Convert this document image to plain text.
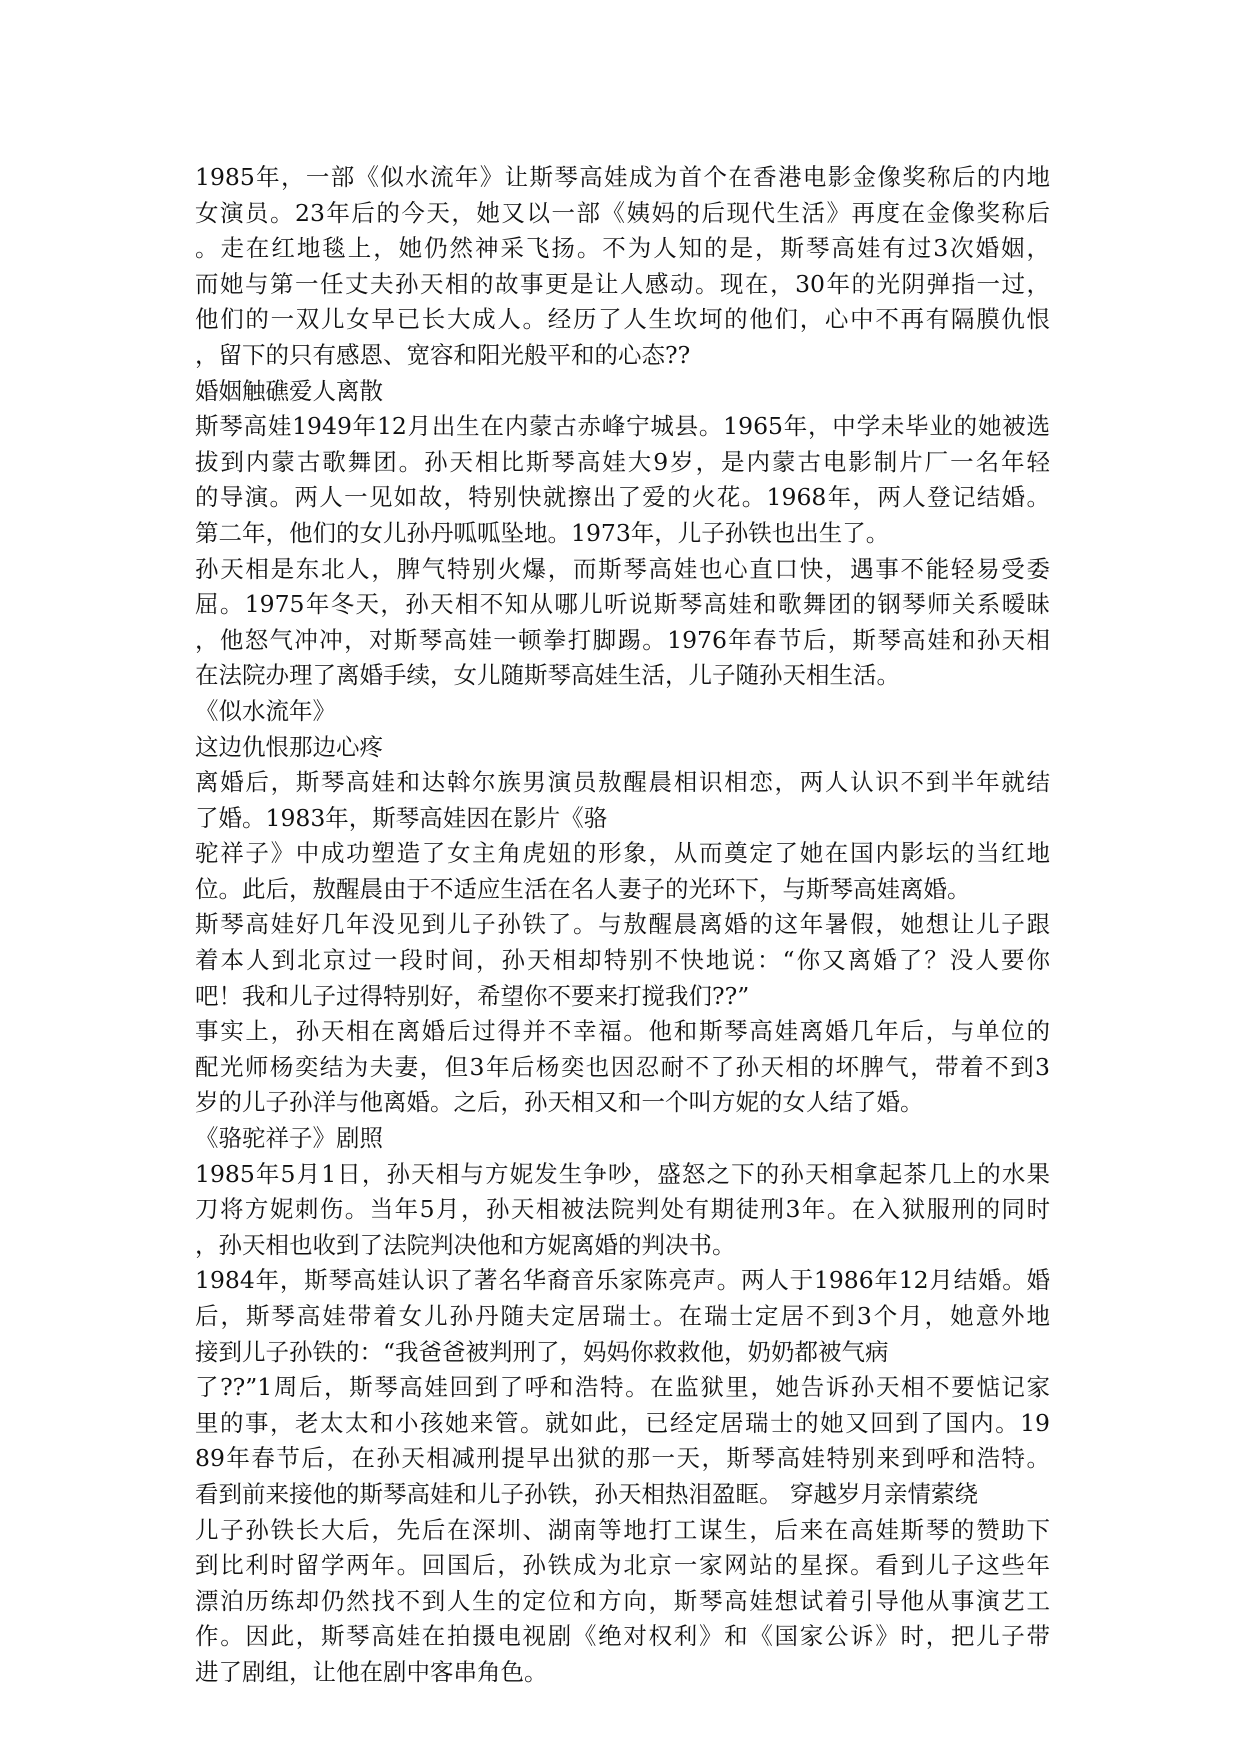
1985年，一部《似水流年》让斯琴高娃成为首个在香港电影金像奖称后的内地
女演员。23年后的今天，她又以一部《姨妈的后现代生活》再度在金像奖称后
。走在红地毯上，她仍然神采飞扬。不为人知的是，斯琴高娃有过3次婚姻，
而她与第一任丈夫孙天相的故事更是让人感动。现在，30年的光阴弹指一过，
他们的一双儿女早已长大成人。经历了人生坎坷的他们，心中不再有隔膜仇恨
，留下的只有感恩、宽容和阳光般平和的心态??
婚姻触礁爱人离散
斯琴高娃1949年12月出生在内蒙古赤峰宁城县。1965年，中学未毕业的她被选
拔到内蒙古歌舞团。孙天相比斯琴高娃大9岁，是内蒙古电影制片厂一名年轻
的导演。两人一见如故，特别快就擦出了爱的火花。1968年，两人登记结婚。
第二年，他们的女儿孙丹呱呱坠地。1973年，儿子孙铁也出生了。
孙天相是东北人，脾气特别火爆，而斯琴高娃也心直口快，遇事不能轻易受委
屈。1975年冬天，孙天相不知从哪儿听说斯琴高娃和歌舞团的钢琴师关系暧昧
，他怒气冲冲，对斯琴高娃一顿拳打脚踢。1976年春节后，斯琴高娃和孙天相
在法院办理了离婚手续，女儿随斯琴高娃生活，儿子随孙天相生活。
《似水流年》
这边仇恨那边心疼
离婚后，斯琴高娃和达斡尔族男演员敖醒晨相识相恋，两人认识不到半年就结
了婚。1983年，斯琴高娃因在影片《骆
驼祥子》中成功塑造了女主角虎妞的形象，从而奠定了她在国内影坛的当红地
位。此后，敖醒晨由于不适应生活在名人妻子的光环下，与斯琴高娃离婚。
斯琴高娃好几年没见到儿子孙铁了。与敖醒晨离婚的这年暑假，她想让儿子跟
着本人到北京过一段时间，孙天相却特别不快地说：“你又离婚了？没人要你
吧！我和儿子过得特别好，希望你不要来打搅我们??”
事实上，孙天相在离婚后过得并不幸福。他和斯琴高娃离婚几年后，与单位的
配光师杨奕结为夫妻，但3年后杨奕也因忍耐不了孙天相的坏脾气，带着不到3
岁的儿子孙洋与他离婚。之后，孙天相又和一个叫方妮的女人结了婚。
《骆驼祥子》剧照
1985年5月1日，孙天相与方妮发生争吵，盛怒之下的孙天相拿起茶几上的水果
刀将方妮刺伤。当年5月，孙天相被法院判处有期徒刑3年。在入狱服刑的同时
，孙天相也收到了法院判决他和方妮离婚的判决书。
1984年，斯琴高娃认识了著名华裔音乐家陈亮声。两人于1986年12月结婚。婚
后，斯琴高娃带着女儿孙丹随夫定居瑞士。在瑞士定居不到3个月，她意外地
接到儿子孙铁的：“我爸爸被判刑了，妈妈你救救他，奶奶都被气病
了??”1周后，斯琴高娃回到了呼和浩特。在监狱里，她告诉孙天相不要惦记家
里的事，老太太和小孩她来管。就如此，已经定居瑞士的她又回到了国内。19
89年春节后，在孙天相减刑提早出狱的那一天，斯琴高娃特别来到呼和浩特。
看到前来接他的斯琴高娃和儿子孙铁，孙天相热泪盈眶。 穿越岁月亲情萦绕
儿子孙铁长大后，先后在深圳、湖南等地打工谋生，后来在高娃斯琴的赞助下
到比利时留学两年。回国后，孙铁成为北京一家网站的星探。看到儿子这些年
漂泊历练却仍然找不到人生的定位和方向，斯琴高娃想试着引导他从事演艺工
作。因此，斯琴高娃在拍摄电视剧《绝对权利》和《国家公诉》时，把儿子带
进了剧组，让他在剧中客串角色。
